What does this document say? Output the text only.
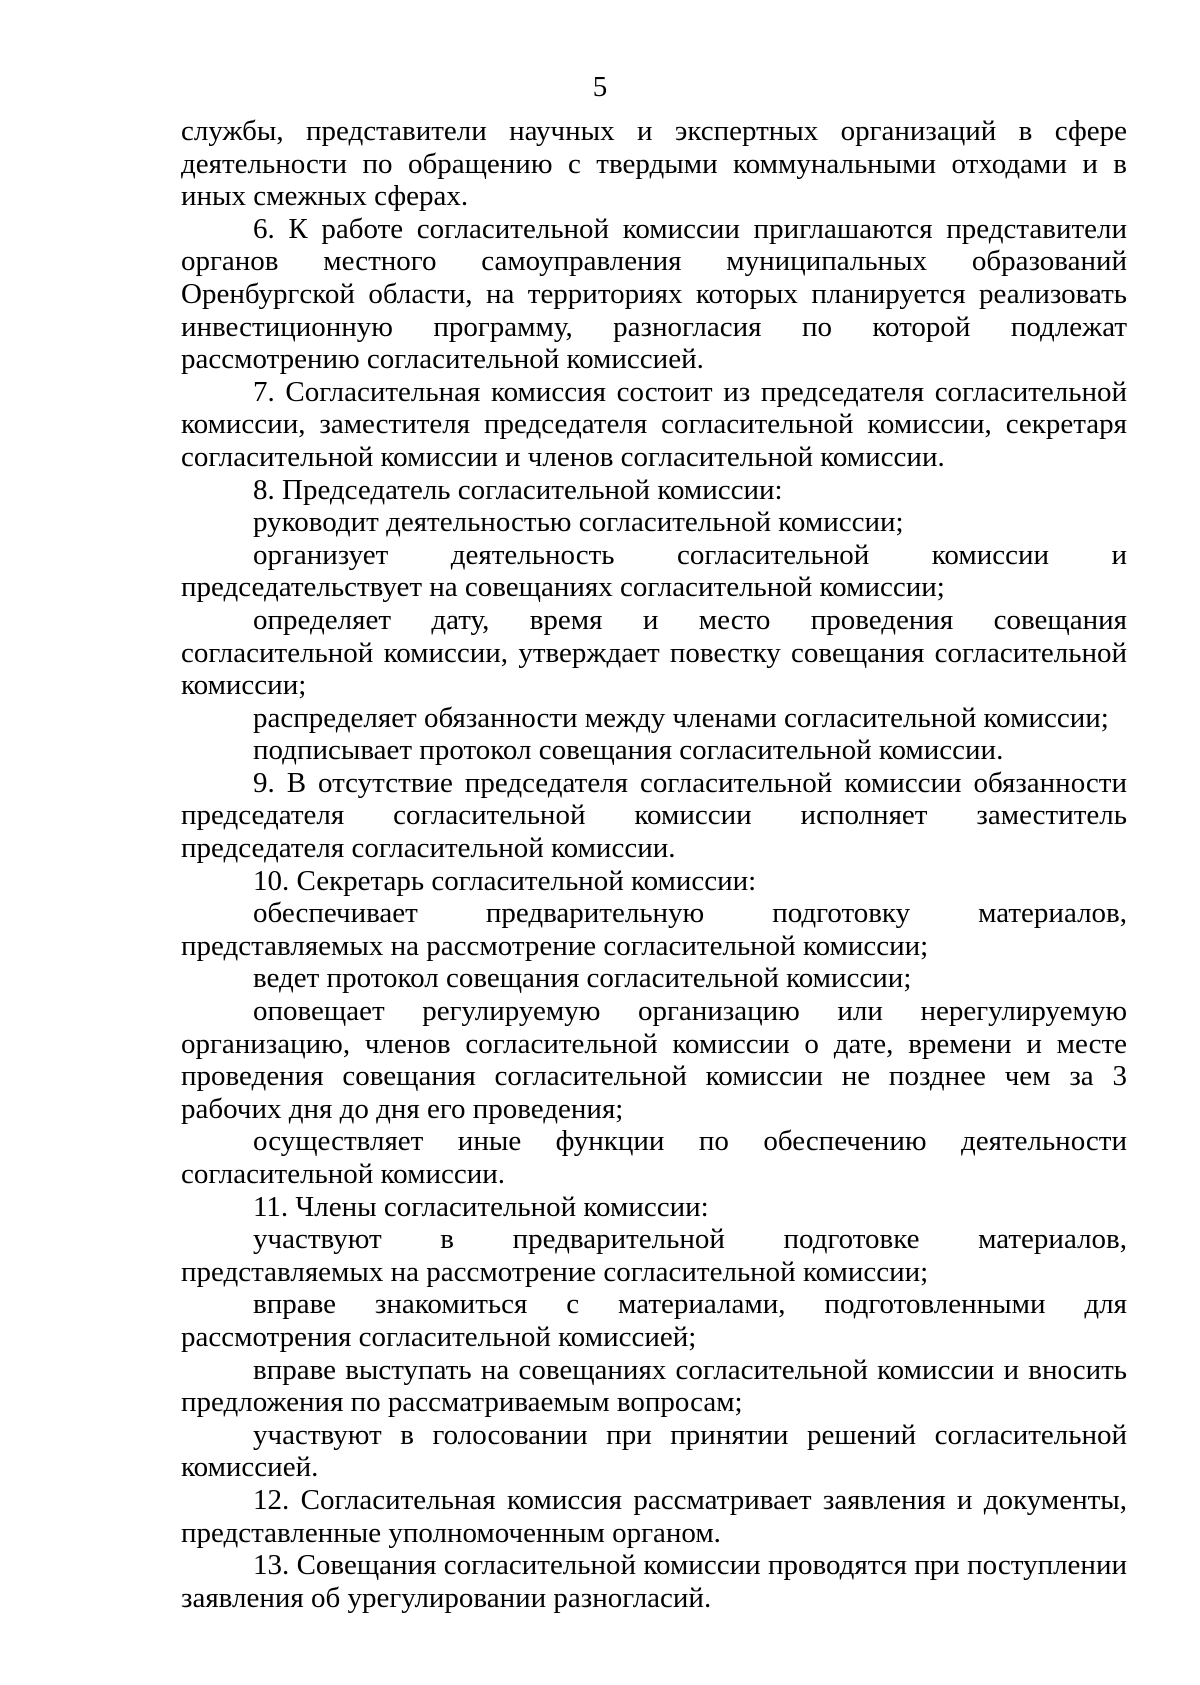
5

службы, представители научных и экспертных организаций в сфере деятельности по обращению с твердыми коммунальными отходами и в иных смежных сферах.

6. К работе согласительной комиссии приглашаются представители органов местного самоуправления муниципальных образований Оренбургской области, на территориях которых планируется реализовать инвестиционную программу, разногласия по которой подлежат рассмотрению согласительной комиссией.

7. Согласительная комиссия состоит из председателя согласительной комиссии, заместителя председателя согласительной комиссии, секретаря согласительной комиссии и членов согласительной комиссии.

8. Председатель согласительной комиссии:

руководит деятельностью согласительной комиссии;

организует деятельность согласительной комиссии и председательствует на совещаниях согласительной комиссии;

определяет дату, время и место проведения совещания согласительной комиссии, утверждает повестку совещания согласительной комиссии;

распределяет обязанности между членами согласительной комиссии;

подписывает протокол совещания согласительной комиссии.

9. В отсутствие председателя согласительной комиссии обязанности председателя согласительной комиссии исполняет заместитель председателя согласительной комиссии.

10. Секретарь согласительной комиссии:

обеспечивает предварительную подготовку материалов, представляемых на рассмотрение согласительной комиссии;

ведет протокол совещания согласительной комиссии;

оповещает регулируемую организацию или нерегулируемую организацию, членов согласительной комиссии о дате, времени и месте проведения совещания согласительной комиссии не позднее чем за 3 рабочих дня до дня его проведения;

осуществляет иные функции по обеспечению деятельности согласительной комиссии.

11. Члены согласительной комиссии:

участвуют в предварительной подготовке материалов, представляемых на рассмотрение согласительной комиссии;

вправе знакомиться с материалами, подготовленными для рассмотрения согласительной комиссией;

вправе выступать на совещаниях согласительной комиссии и вносить предложения по рассматриваемым вопросам;

участвуют в голосовании при принятии решений согласительной комиссией.

12. Согласительная комиссия рассматривает заявления и документы, представленные уполномоченным органом.

13. Совещания согласительной комиссии проводятся при поступлении заявления об урегулировании разногласий.
